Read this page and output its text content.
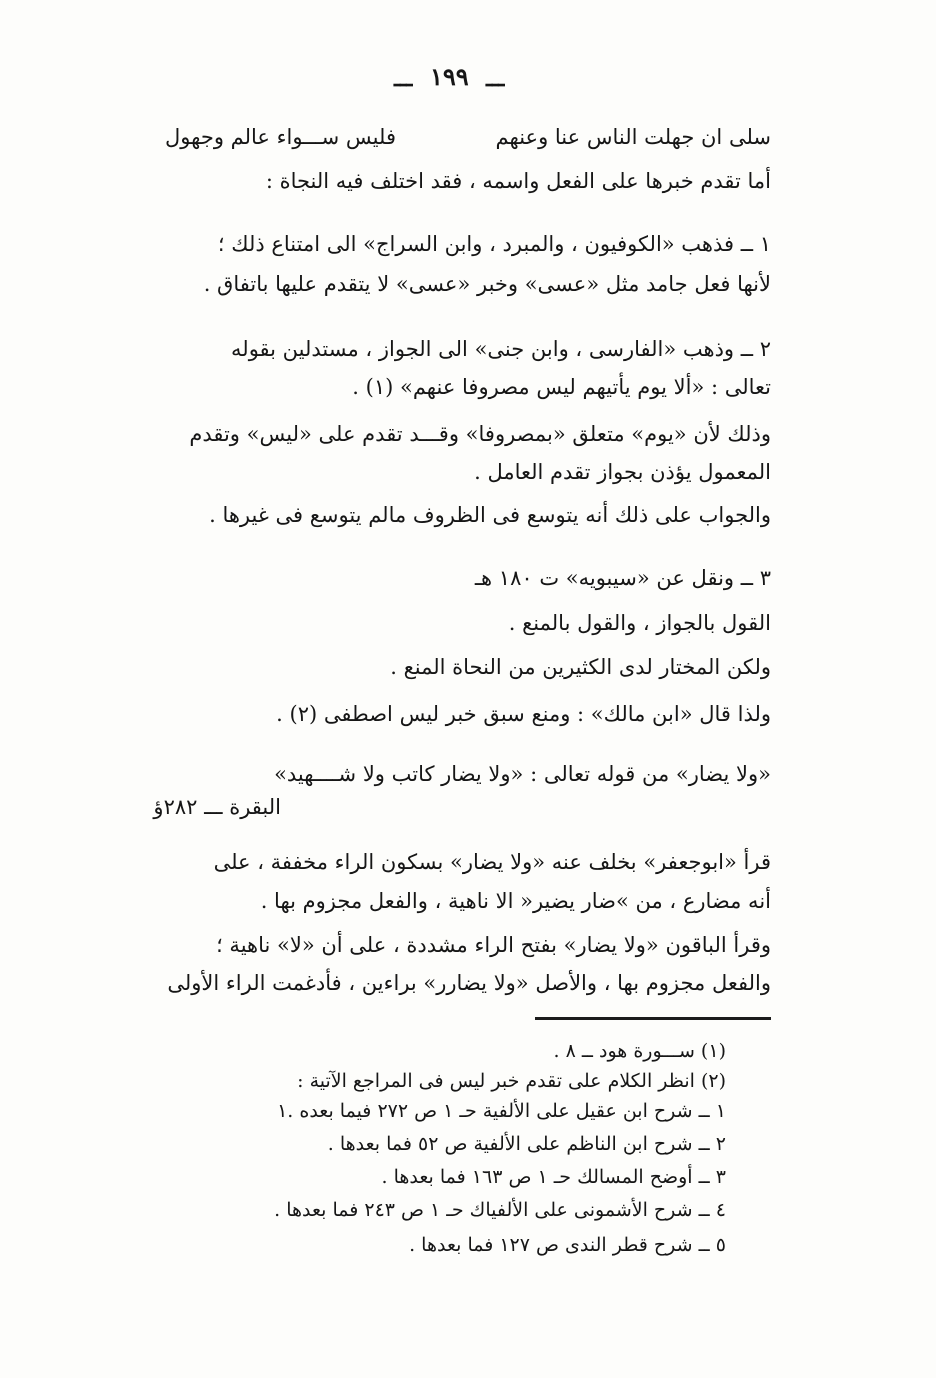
ـــ ١٩٩ ـــ
سلى ان جهلت الناس عنا وعنهم
فليس ســـواء عالم وجهول
أما تقدم خبرها على الفعل واسمه ، فقد اختلف فيه النجاة :
١ ــ فذهب «الكوفيون ، والمبرد ، وابن السراج» الى امتناع ذلك ؛
لأنها فعل جامد مثل «عسى» وخبر «عسى» لا يتقدم عليها باتفاق .
٢ ــ وذهب «الفارسى ، وابن جنى» الى الجواز ، مستدلين بقوله
تعالى : «ألا يوم يأتيهم ليس مصروفا عنهم» (١) .
وذلك لأن «يوم» متعلق «بمصروفا» وقـــد تقدم على «ليس» وتقدم
المعمول يؤذن بجواز تقدم العامل .
والجواب على ذلك أنه يتوسع فى الظروف مالم يتوسع فى غيرها .
٣ ــ ونقل عن «سيبويه» ت ١٨٠ هـ
القول بالجواز ، والقول بالمنع .
ولكن المختار لدى الكثيرين من النحاة المنع .
ولذا قال «ابن مالك» : ومنع سبق خبر ليس اصطفى (٢) .
«ولا يضار» من قوله تعالى : «ولا يضار كاتب ولا شــــهيد»
البقرة ـــ ٢٨٢ؤ
قرأ «ابوجعفر» بخلف عنه «ولا يضار» بسكون الراء مخففة ، على
أنه مضارع ، من »ضار يضير« الا ناهية ، والفعل مجزوم بها .
وقرأ الباقون «ولا يضار» بفتح الراء مشددة ، على أن «لا» ناهية ؛
والفعل مجزوم بها ، والأصل «ولا يضارر» براءين ، فأدغمت الراء الأولى
(١) ســـورة هود ــ ٨ .
(٢) انظر الكلام على تقدم خبر ليس فى المراجع الآتية :
١ ــ شرح ابن عقيل على الألفية حـ ١ ص ٢٧٢ فيما بعده .١
٢ ــ شرح ابن الناظم على الألفية ص ٥٢ فما بعدها .
٣ ــ أوضح المسالك حـ ١ ص ١٦٣ فما بعدها .
٤ ــ شرح الأشمونى على الألفياك حـ ١ ص ٢٤٣ فما بعدها .
٥ ــ شرح قطر الندى ص ١٢٧ فما بعدها .
